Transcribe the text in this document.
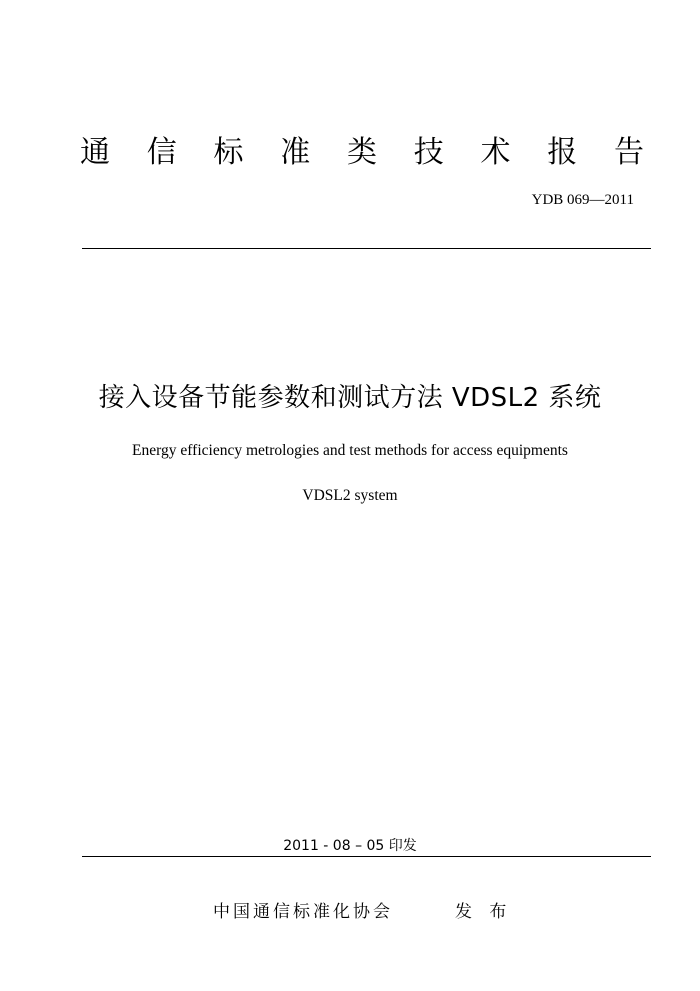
通	信	标	准	类	技	术	报	告
YDB 069—2011
接入设备节能参数和测试方法 VDSL2 系统
Energy efficiency metrologies and test methods for access equipments
VDSL2 system
2011 - 08 – 05 印发
中国通信标准化协会	发 布
